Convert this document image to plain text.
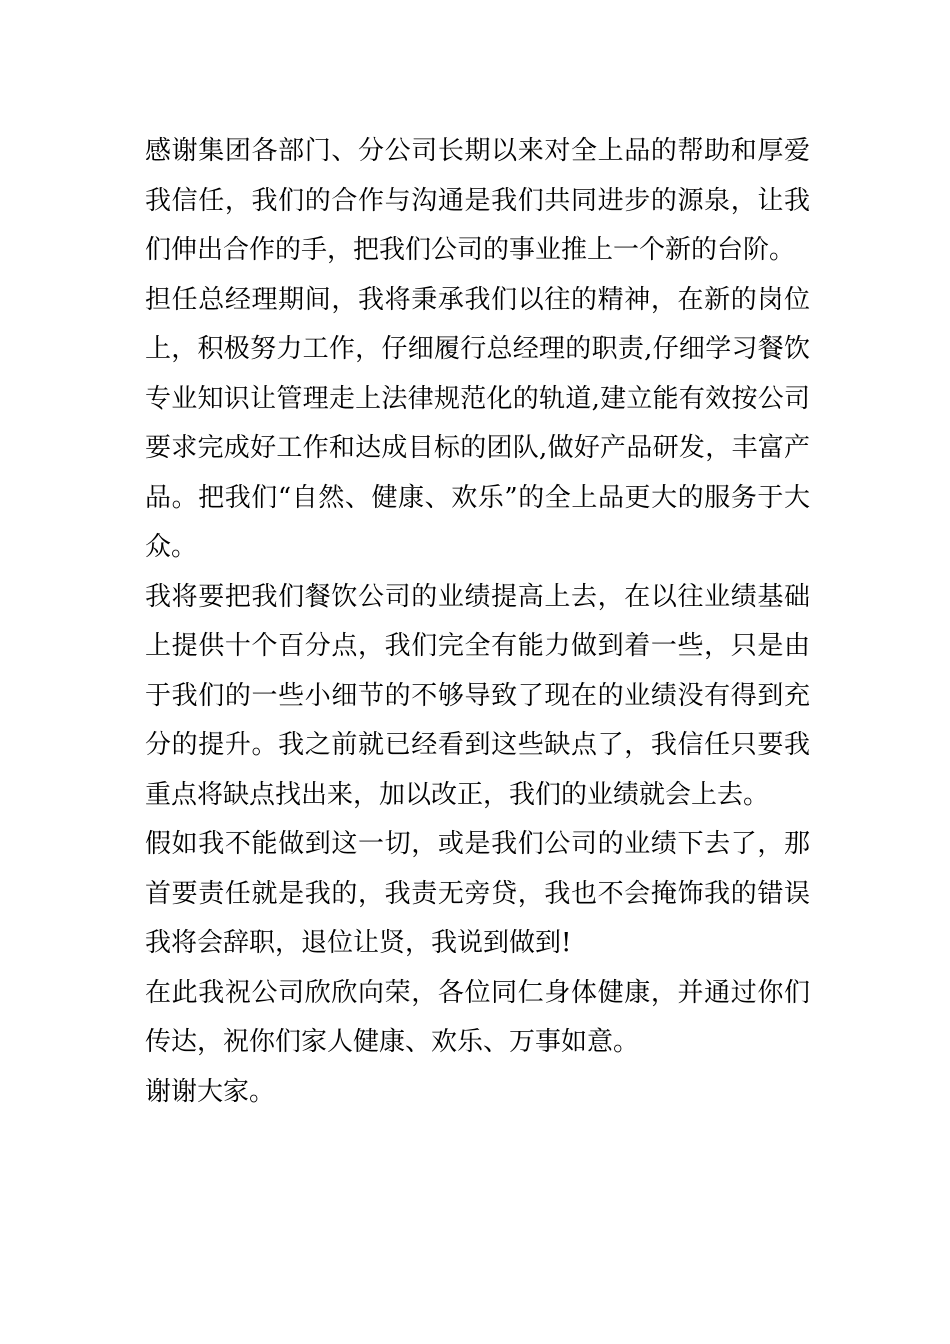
感谢集团各部门、分公司长期以来对全上品的帮助和厚爱我信任，我们的合作与沟通是我们共同进步的源泉，让我们伸出合作的手，把我们公司的事业推上一个新的台阶。

担任总经理期间，我将秉承我们以往的精神，在新的岗位上，积极努力工作，仔细履行总经理的职责,仔细学习餐饮专业知识让管理走上法律规范化的轨道,建立能有效按公司要求完成好工作和达成目标的团队,做好产品研发，丰富产品。把我们“自然、健康、欢乐”的全上品更大的服务于大众。

我将要把我们餐饮公司的业绩提高上去，在以往业绩基础上提供十个百分点，我们完全有能力做到着一些，只是由于我们的一些小细节的不够导致了现在的业绩没有得到充分的提升。我之前就已经看到这些缺点了，我信任只要我重点将缺点找出来，加以改正，我们的业绩就会上去。

假如我不能做到这一切，或是我们公司的业绩下去了，那首要责任就是我的，我责无旁贷，我也不会掩饰我的错误我将会辞职，退位让贤，我说到做到!

在此我祝公司欣欣向荣，各位同仁身体健康，并通过你们传达，祝你们家人健康、欢乐、万事如意。

谢谢大家。
